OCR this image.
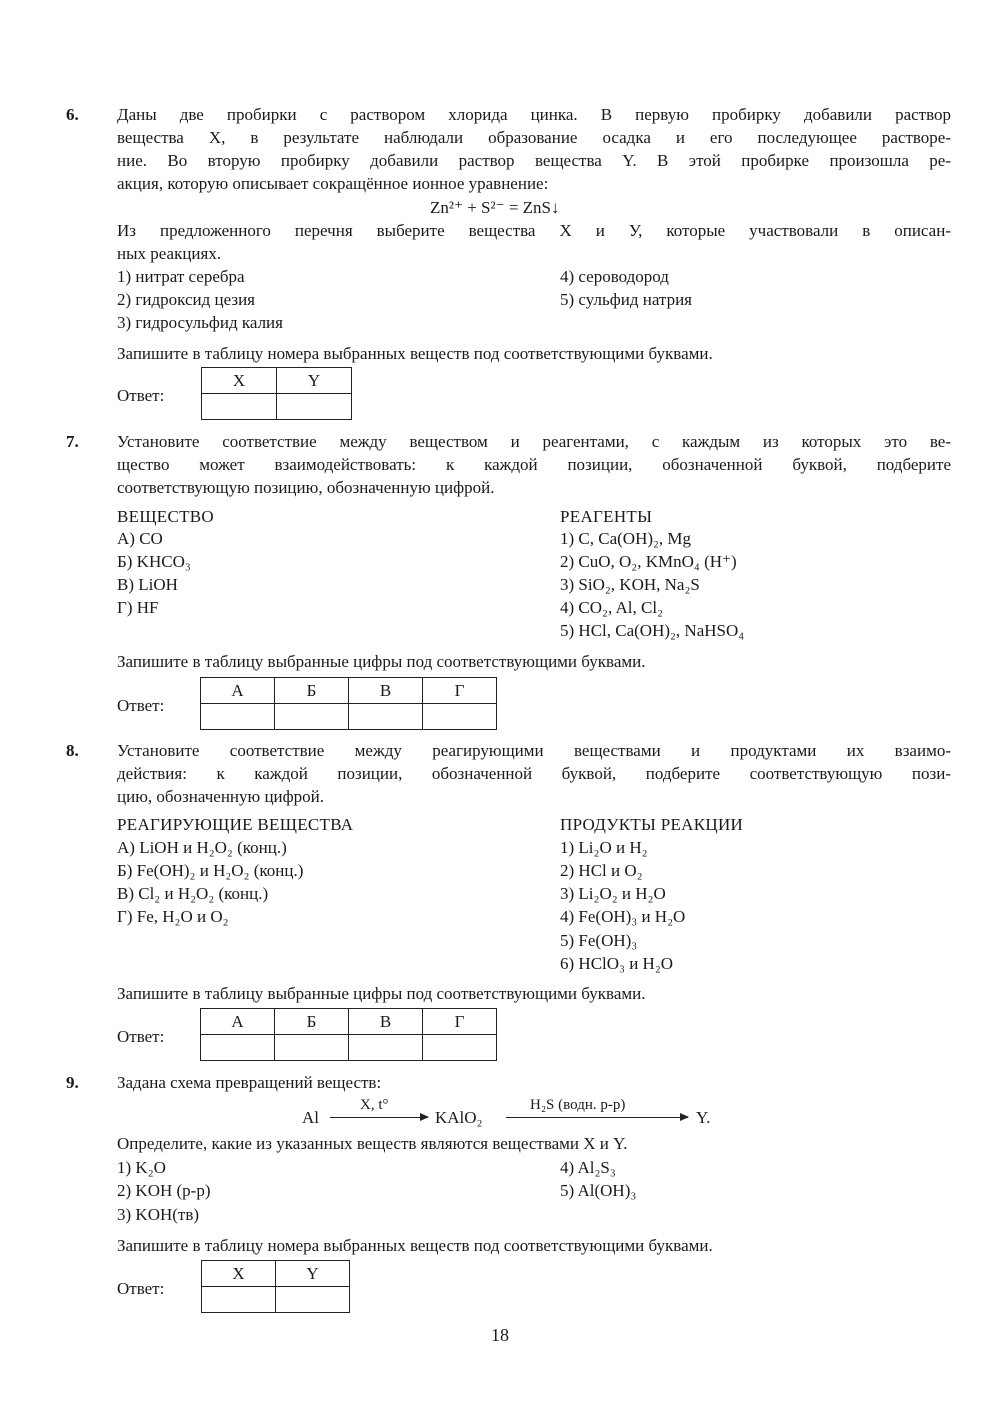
6. Даны две пробирки с раствором хлорида цинка. В первую пробирку добавили раствор
вещества X, в результате наблюдали образование осадка и его последующее растворе-
ние. Во вторую пробирку добавили раствор вещества Y. В этой пробирке произошла ре-
акция, которую описывает сокращённое ионное уравнение:
Zn²⁺ + S²⁻ = ZnS↓
Из предложенного перечня выберите вещества X и У, которые участвовали в описан-
ных реакциях.
1) нитрат серебра
2) гидроксид цезия
3) гидросульфид калия
4) сероводород
5) сульфид натрия
Запишите в таблицу номера выбранных веществ под соответствующими буквами.
Ответ:
X	Y

7. Установите соответствие между веществом и реагентами, с каждым из которых это ве-
щество может взаимодействовать: к каждой позиции, обозначенной буквой, подберите
соответствующую позицию, обозначенную цифрой.
ВЕЩЕСТВО
А) CO
Б) KHCO₃
В) LiOH
Г) HF
РЕАГЕНТЫ
1) C, Ca(OH)₂, Mg
2) CuO, O₂, KMnO₄ (H⁺)
3) SiO₂, KOH, Na₂S
4) CO₂, Al, Cl₂
5) HCl, Ca(OH)₂, NaHSO₄
Запишите в таблицу выбранные цифры под соответствующими буквами.
Ответ:
А	Б	В	Г

8. Установите соответствие между реагирующими веществами и продуктами их взаимо-
действия: к каждой позиции, обозначенной буквой, подберите соответствующую пози-
цию, обозначенную цифрой.
РЕАГИРУЮЩИЕ ВЕЩЕСТВА
А) LiOH и H₂O₂ (конц.)
Б) Fe(OH)₂ и H₂O₂ (конц.)
В) Cl₂ и H₂O₂ (конц.)
Г) Fe, H₂O и O₂
ПРОДУКТЫ РЕАКЦИИ
1) Li₂O и H₂
2) HCl и O₂
3) Li₂O₂ и H₂O
4) Fe(OH)₃ и H₂O
5) Fe(OH)₃
6) HClO₃ и H₂O
Запишите в таблицу выбранные цифры под соответствующими буквами.
Ответ:
А	Б	В	Г

9. Задана схема превращений веществ:
Al
X, t°
KAlO₂
H₂S (водн. р-р)
Y.
Определите, какие из указанных веществ являются веществами X и Y.
1) K₂O
2) KOH (р-р)
3) KOH(тв)
4) Al₂S₃
5) Al(OH)₃
Запишите в таблицу номера выбранных веществ под соответствующими буквами.
Ответ:
X	Y

18
